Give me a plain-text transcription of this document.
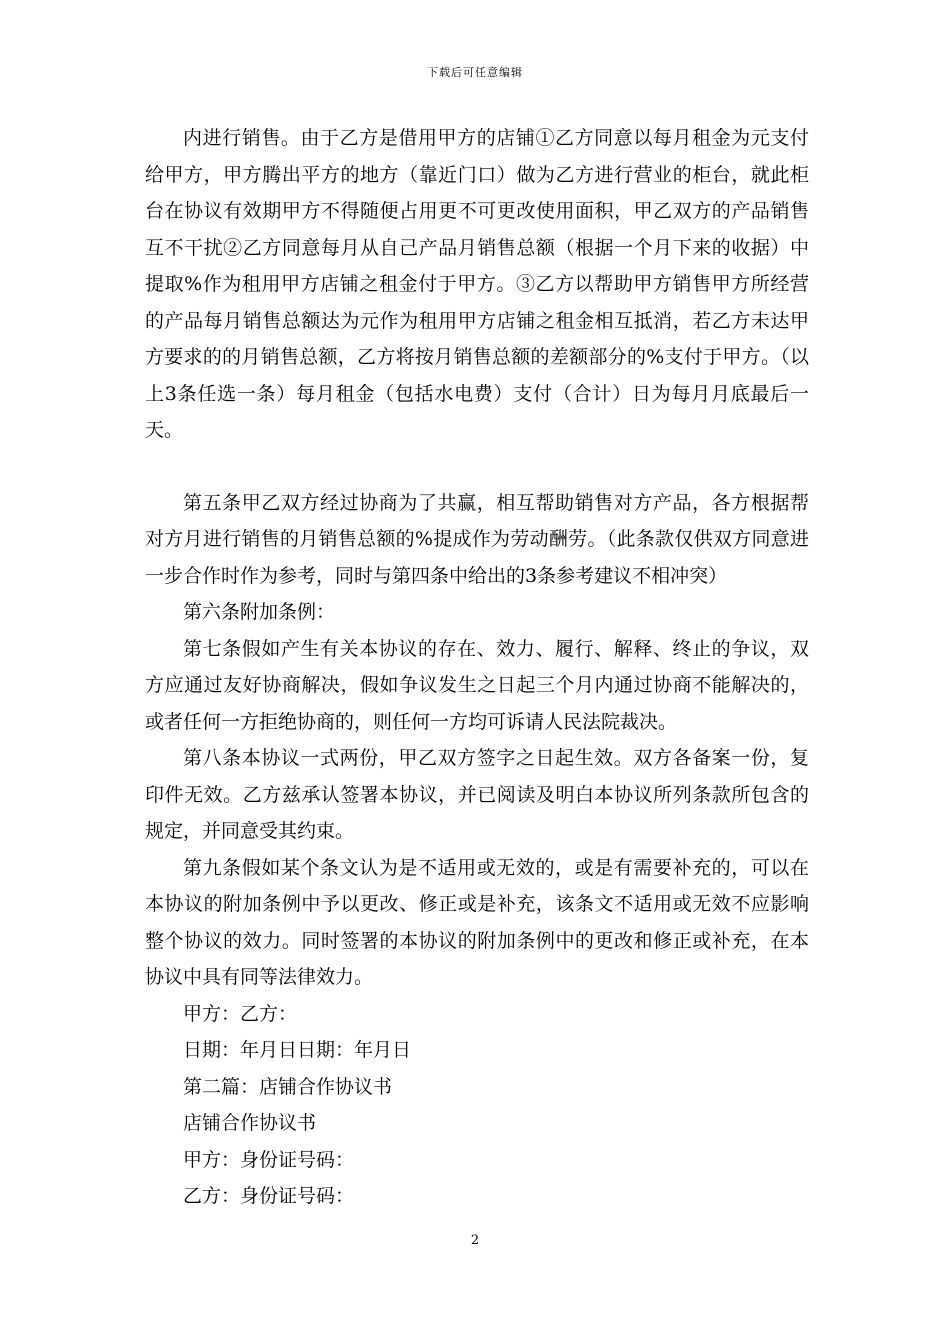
下载后可任意编辑

内进行销售。由于乙方是借用甲方的店铺①乙方同意以每月租金为元支付给甲方，甲方腾出平方的地方（靠近门口）做为乙方进行营业的柜台，就此柜台在协议有效期甲方不得随便占用更不可更改使用面积，甲乙双方的产品销售互不干扰②乙方同意每月从自己产品月销售总额（根据一个月下来的收据）中提取%作为租用甲方店铺之租金付于甲方。③乙方以帮助甲方销售甲方所经营的产品每月销售总额达为元作为租用甲方店铺之租金相互抵消，若乙方未达甲方要求的的月销售总额，乙方将按月销售总额的差额部分的%支付于甲方。（以上3条任选一条）每月租金（包括水电费）支付（合计）日为每月月底最后一天。

第五条甲乙双方经过协商为了共赢，相互帮助销售对方产品，各方根据帮对方月进行销售的月销售总额的%提成作为劳动酬劳。（此条款仅供双方同意进一步合作时作为参考，同时与第四条中给出的3条参考建议不相冲突）

第六条附加条例：

第七条假如产生有关本协议的存在、效力、履行、解释、终止的争议，双方应通过友好协商解决，假如争议发生之日起三个月内通过协商不能解决的，或者任何一方拒绝协商的，则任何一方均可诉请人民法院裁决。

第八条本协议一式两份，甲乙双方签字之日起生效。双方各备案一份，复印件无效。乙方兹承认签署本协议，并已阅读及明白本协议所列条款所包含的规定，并同意受其约束。

第九条假如某个条文认为是不适用或无效的，或是有需要补充的，可以在本协议的附加条例中予以更改、修正或是补充，该条文不适用或无效不应影响整个协议的效力。同时签署的本协议的附加条例中的更改和修正或补充，在本协议中具有同等法律效力。

甲方：乙方：

日期：年月日日期：年月日

第二篇：店铺合作协议书

店铺合作协议书

甲方：身份证号码：

乙方：身份证号码：

2
